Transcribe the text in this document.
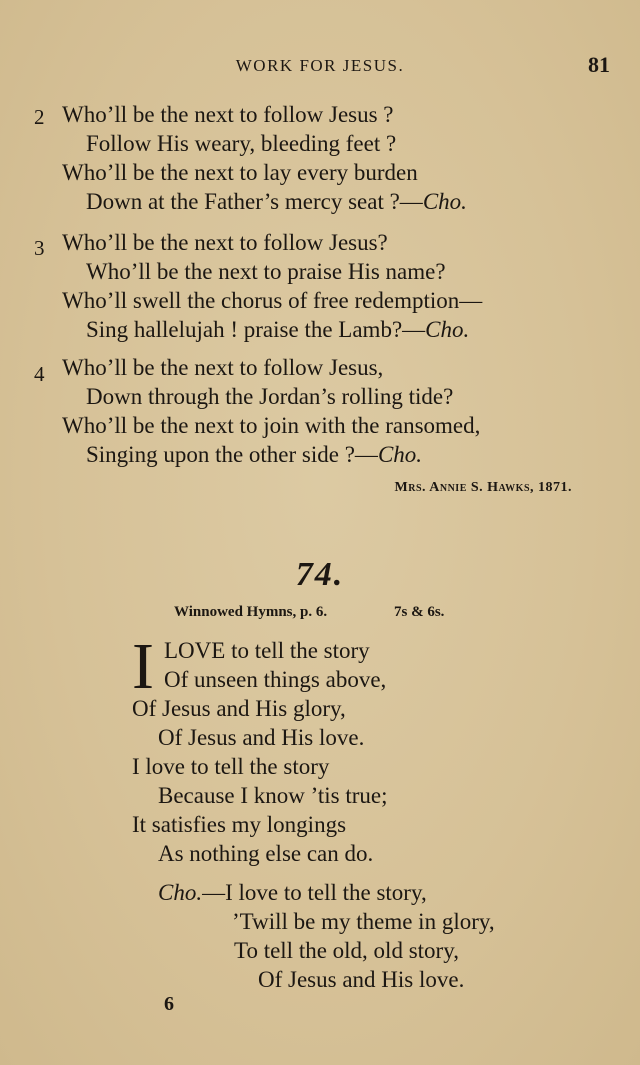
WORK FOR JESUS.	81
2 Who’ll be the next to follow Jesus ?
Follow His weary, bleeding feet ?
Who’ll be the next to lay every burden
Down at the Father’s mercy seat ?—Cho.
3 Who’ll be the next to follow Jesus?
Who’ll be the next to praise His name?
Who’ll swell the chorus of free redemption—
Sing hallelujah ! praise the Lamb?—Cho.
4 Who’ll be the next to follow Jesus,
Down through the Jordan’s rolling tide?
Who’ll be the next to join with the ransomed,
Singing upon the other side ?—Cho.
Mrs. Annie S. Hawks, 1871.
74.
Winnowed Hymns, p. 6.	7s & 6s.
I LOVE to tell the story
Of unseen things above,
Of Jesus and His glory,
Of Jesus and His love.
I love to tell the story
Because I know ’tis true;
It satisfies my longings
As nothing else can do.
Cho.—I love to tell the story,
’Twill be my theme in glory,
To tell the old, old story,
Of Jesus and His love.
6
